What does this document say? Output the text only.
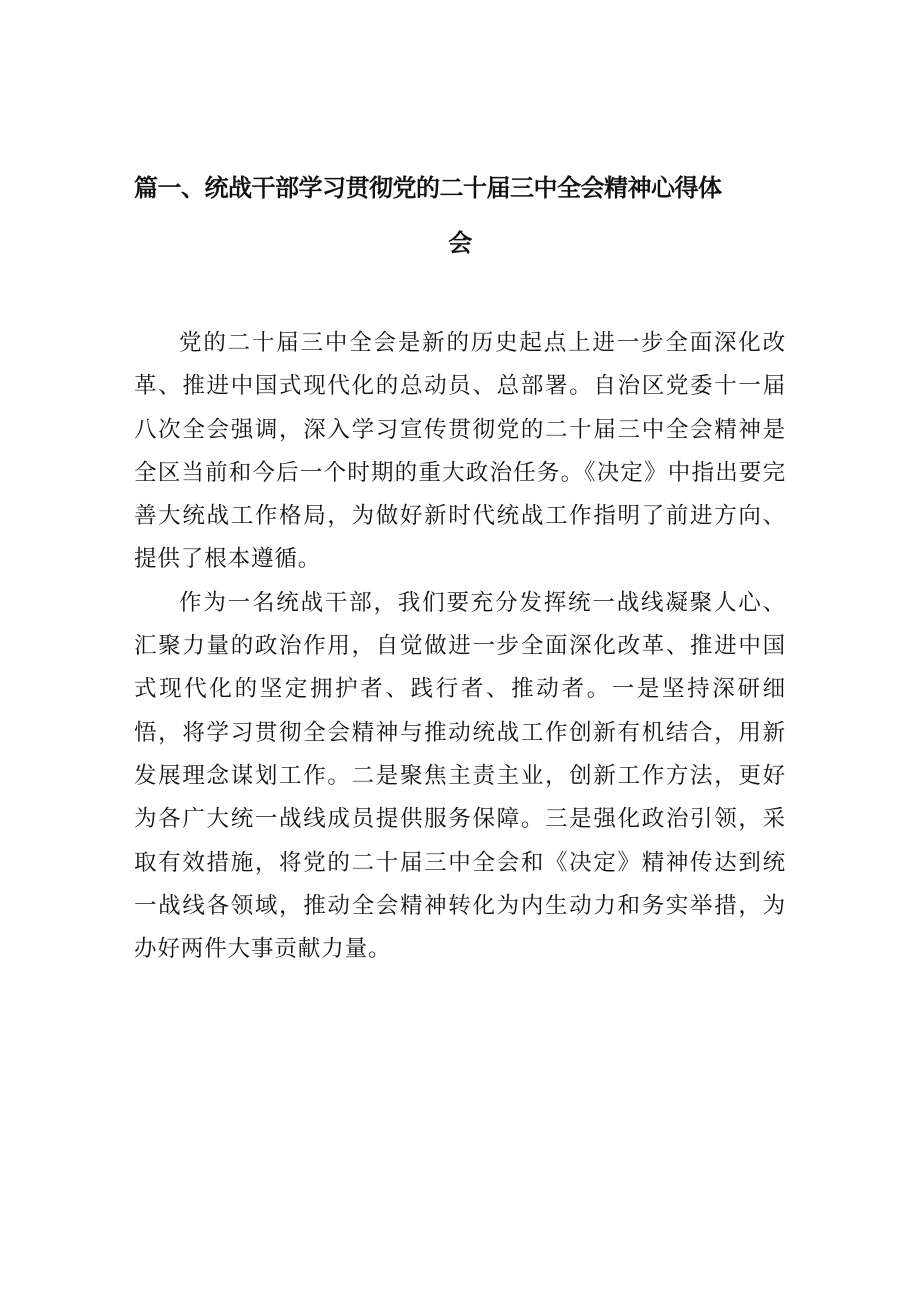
篇一、统战干部学习贯彻党的二十届三中全会精神心得体
会

党的二十届三中全会是新的历史起点上进一步全面深化改革、推进中国式现代化的总动员、总部署。自治区党委十一届八次全会强调，深入学习宣传贯彻党的二十届三中全会精神是全区当前和今后一个时期的重大政治任务。《决定》中指出要完善大统战工作格局，为做好新时代统战工作指明了前进方向、提供了根本遵循。

作为一名统战干部，我们要充分发挥统一战线凝聚人心、汇聚力量的政治作用，自觉做进一步全面深化改革、推进中国式现代化的坚定拥护者、践行者、推动者。一是坚持深研细悟，将学习贯彻全会精神与推动统战工作创新有机结合，用新发展理念谋划工作。二是聚焦主责主业，创新工作方法，更好为各广大统一战线成员提供服务保障。三是强化政治引领，采取有效措施，将党的二十届三中全会和《决定》精神传达到统一战线各领域，推动全会精神转化为内生动力和务实举措，为办好两件大事贡献力量。
